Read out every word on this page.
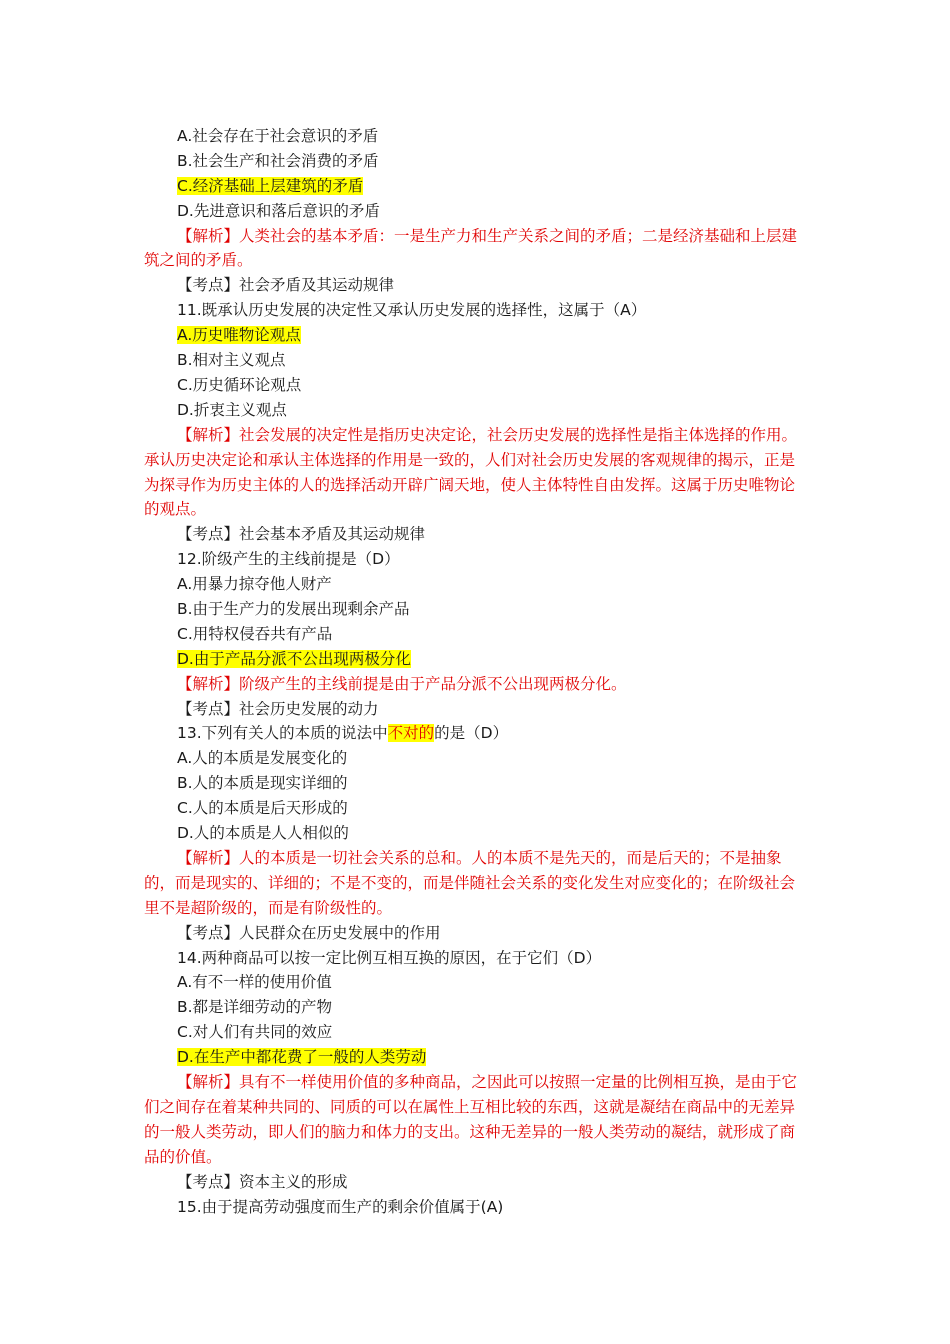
A.社会存在于社会意识的矛盾
B.社会生产和社会消费的矛盾
C.经济基础上层建筑的矛盾
D.先进意识和落后意识的矛盾
【解析】人类社会的基本矛盾：一是生产力和生产关系之间的矛盾；二是经济基础和上层建筑之间的矛盾。
【考点】社会矛盾及其运动规律
11.既承认历史发展的决定性又承认历史发展的选择性，这属于（A）
A.历史唯物论观点
B.相对主义观点
C.历史循环论观点
D.折衷主义观点
【解析】社会发展的决定性是指历史决定论，社会历史发展的选择性是指主体选择的作用。承认历史决定论和承认主体选择的作用是一致的，人们对社会历史发展的客观规律的揭示，正是为探寻作为历史主体的人的选择活动开辟广阔天地，使人主体特性自由发挥。这属于历史唯物论的观点。
【考点】社会基本矛盾及其运动规律
12.阶级产生的主线前提是（D）
A.用暴力掠夺他人财产
B.由于生产力的发展出现剩余产品
C.用特权侵吞共有产品
D.由于产品分派不公出现两极分化
【解析】阶级产生的主线前提是由于产品分派不公出现两极分化。
【考点】社会历史发展的动力
13.下列有关人的本质的说法中不对的的是（D）
A.人的本质是发展变化的
B.人的本质是现实详细的
C.人的本质是后天形成的
D.人的本质是人人相似的
【解析】人的本质是一切社会关系的总和。人的本质不是先天的，而是后天的；不是抽象的，而是现实的、详细的；不是不变的，而是伴随社会关系的变化发生对应变化的；在阶级社会里不是超阶级的，而是有阶级性的。
【考点】人民群众在历史发展中的作用
14.两种商品可以按一定比例互相互换的原因，在于它们（D）
A.有不一样的使用价值
B.都是详细劳动的产物
C.对人们有共同的效应
D.在生产中都花费了一般的人类劳动
【解析】具有不一样使用价值的多种商品，之因此可以按照一定量的比例相互换，是由于它们之间存在着某种共同的、同质的可以在属性上互相比较的东西，这就是凝结在商品中的无差异的一般人类劳动，即人们的脑力和体力的支出。这种无差异的一般人类劳动的凝结，就形成了商品的价值。
【考点】资本主义的形成
15.由于提高劳动强度而生产的剩余价值属于(A)
